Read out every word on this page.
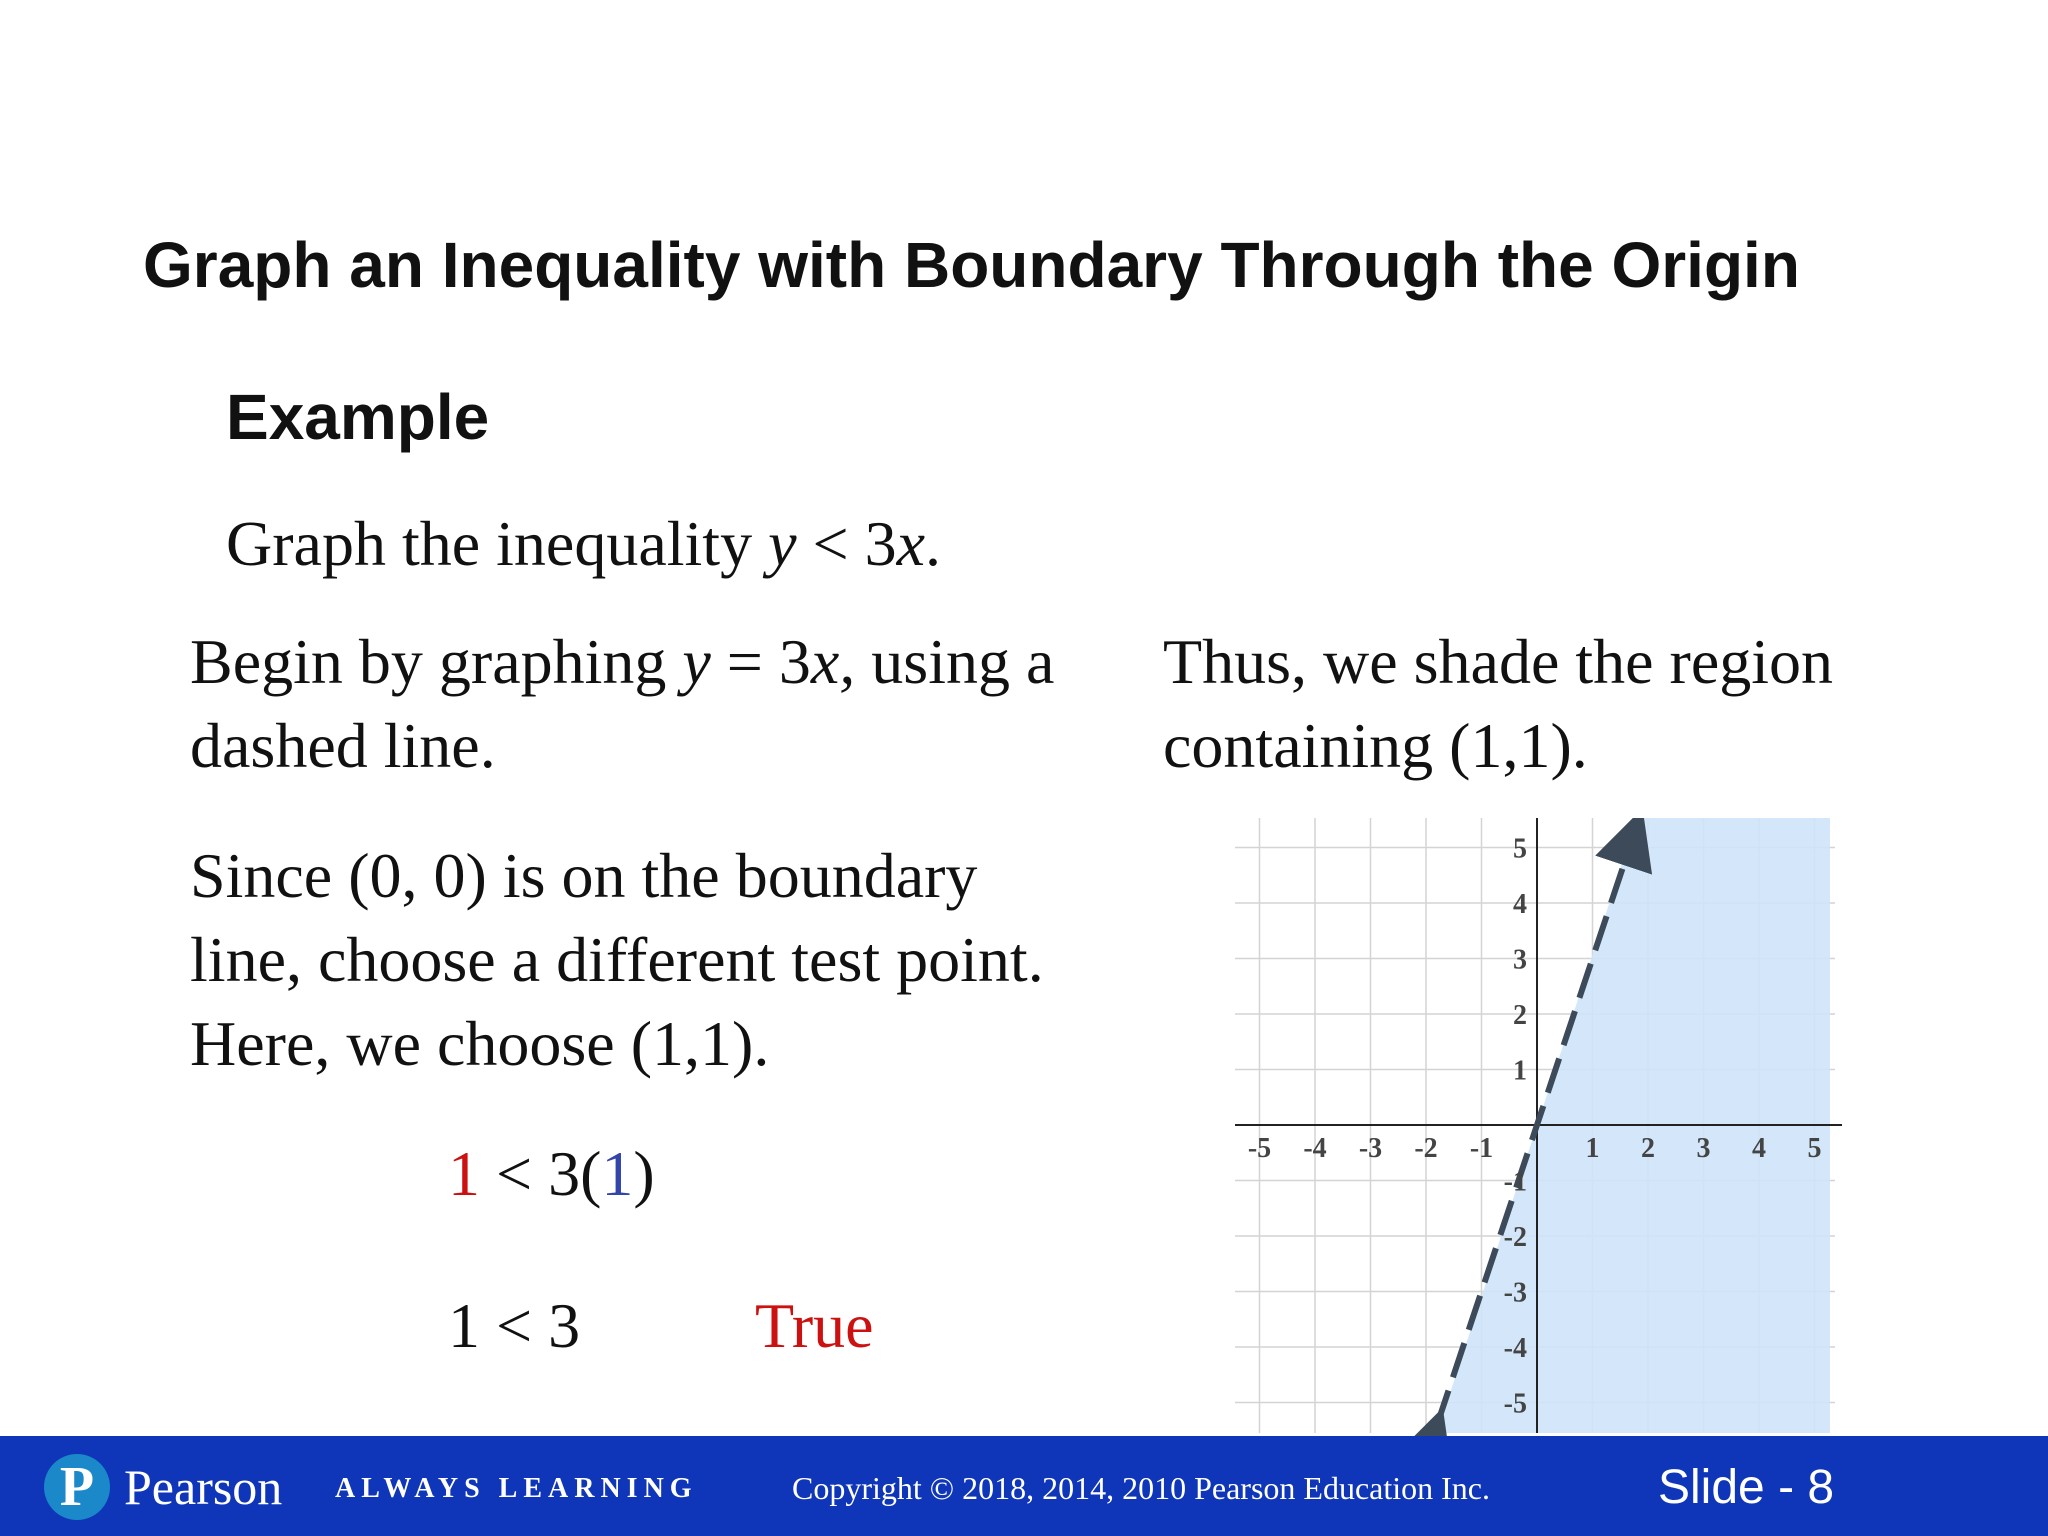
Graph an Inequality with Boundary Through the Origin
Example
Graph the inequality y < 3x.
Begin by graphing y = 3x, using a dashed line.
Since (0, 0) is on the boundary line, choose a different test point. Here, we choose (1,1).
Thus, we shade the region containing (1,1).
1 < 3(1)
1 < 3	True
-5 -4 -3 -2 -1	1 2 3 4 5
5
4
3
2
1
-1
-2
-3
-4
-5
P Pearson ALWAYS LEARNING	Copyright © 2018, 2014, 2010 Pearson Education Inc.	Slide - 8
